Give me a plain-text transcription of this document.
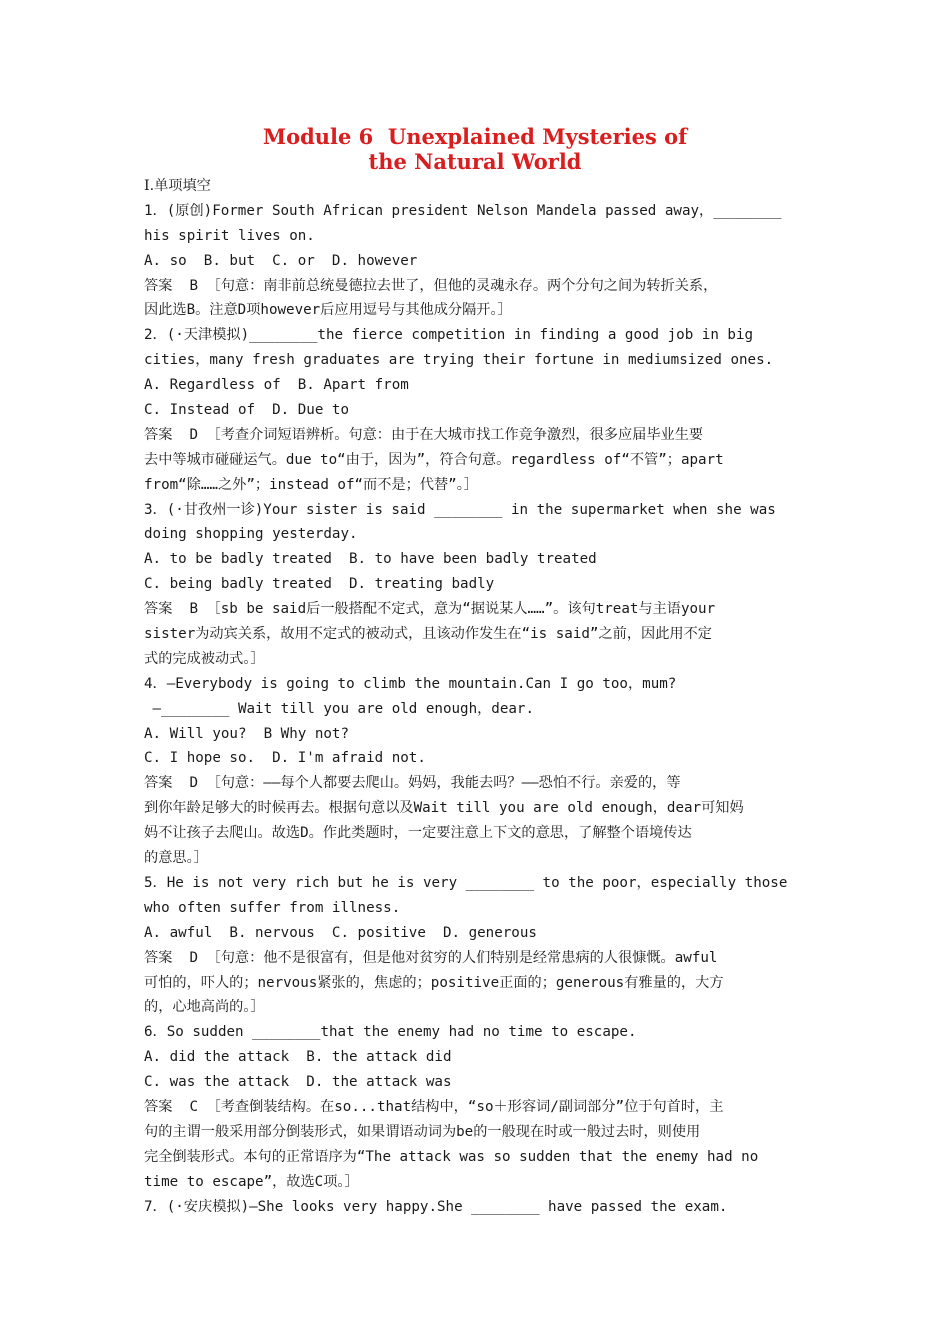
Module 6  Unexplained Mysteries of
the Natural World
Ⅰ.单项填空
1．(原创)Former South African president Nelson Mandela passed away，________
his spirit lives on.
A. so  B. but  C. or  D. however
答案  B ［句意：南非前总统曼德拉去世了，但他的灵魂永存。两个分句之间为转折关系，
因此选B。注意D项however后应用逗号与其他成分隔开。］
2．(·天津模拟)________the fierce competition in finding a good job in big
cities，many fresh graduates are trying their fortune in mediumsized ones.
A. Regardless of  B. Apart from
C. Instead of  D. Due to
答案  D ［考查介词短语辨析。句意：由于在大城市找工作竞争激烈，很多应届毕业生要
去中等城市碰碰运气。due to“由于，因为”，符合句意。regardless of“不管”；apart
from“除……之外”；instead of“而不是；代替”。］
3．(·甘孜州一诊)Your sister is said ________ in the supermarket when she was
doing shopping yesterday.
A. to be badly treated  B. to have been badly treated
C. being badly treated  D. treating badly
答案  B ［sb be said后一般搭配不定式，意为“据说某人……”。该句treat与主语your
sister为动宾关系，故用不定式的被动式，且该动作发生在“is said”之前，因此用不定
式的完成被动式。］
4．—Everybody is going to climb the mountain.Can I go too，mum?
—________ Wait till you are old enough，dear.
A. Will you?  B Why not?
C. I hope so.  D. I'm afraid not.
答案  D ［句意：——每个人都要去爬山。妈妈，我能去吗？——恐怕不行。亲爱的，等
到你年龄足够大的时候再去。根据句意以及Wait till you are old enough，dear可知妈
妈不让孩子去爬山。故选D。作此类题时，一定要注意上下文的意思，了解整个语境传达
的意思。］
5．He is not very rich but he is very ________ to the poor，especially those
who often suffer from illness.
A. awful  B. nervous  C. positive  D. generous
答案  D ［句意：他不是很富有，但是他对贫穷的人们特别是经常患病的人很慷慨。awful
可怕的，吓人的；nervous紧张的，焦虑的；positive正面的；generous有雅量的，大方
的，心地高尚的。］
6．So sudden ________that the enemy had no time to escape.
A. did the attack  B. the attack did
C. was the attack  D. the attack was
答案  C ［考查倒装结构。在so...that结构中，“so＋形容词/副词部分”位于句首时，主
句的主谓一般采用部分倒装形式，如果谓语动词为be的一般现在时或一般过去时，则使用
完全倒装形式。本句的正常语序为“The attack was so sudden that the enemy had no
time to escape”，故选C项。］
7．(·安庆模拟)—She looks very happy.She ________ have passed the exam.
